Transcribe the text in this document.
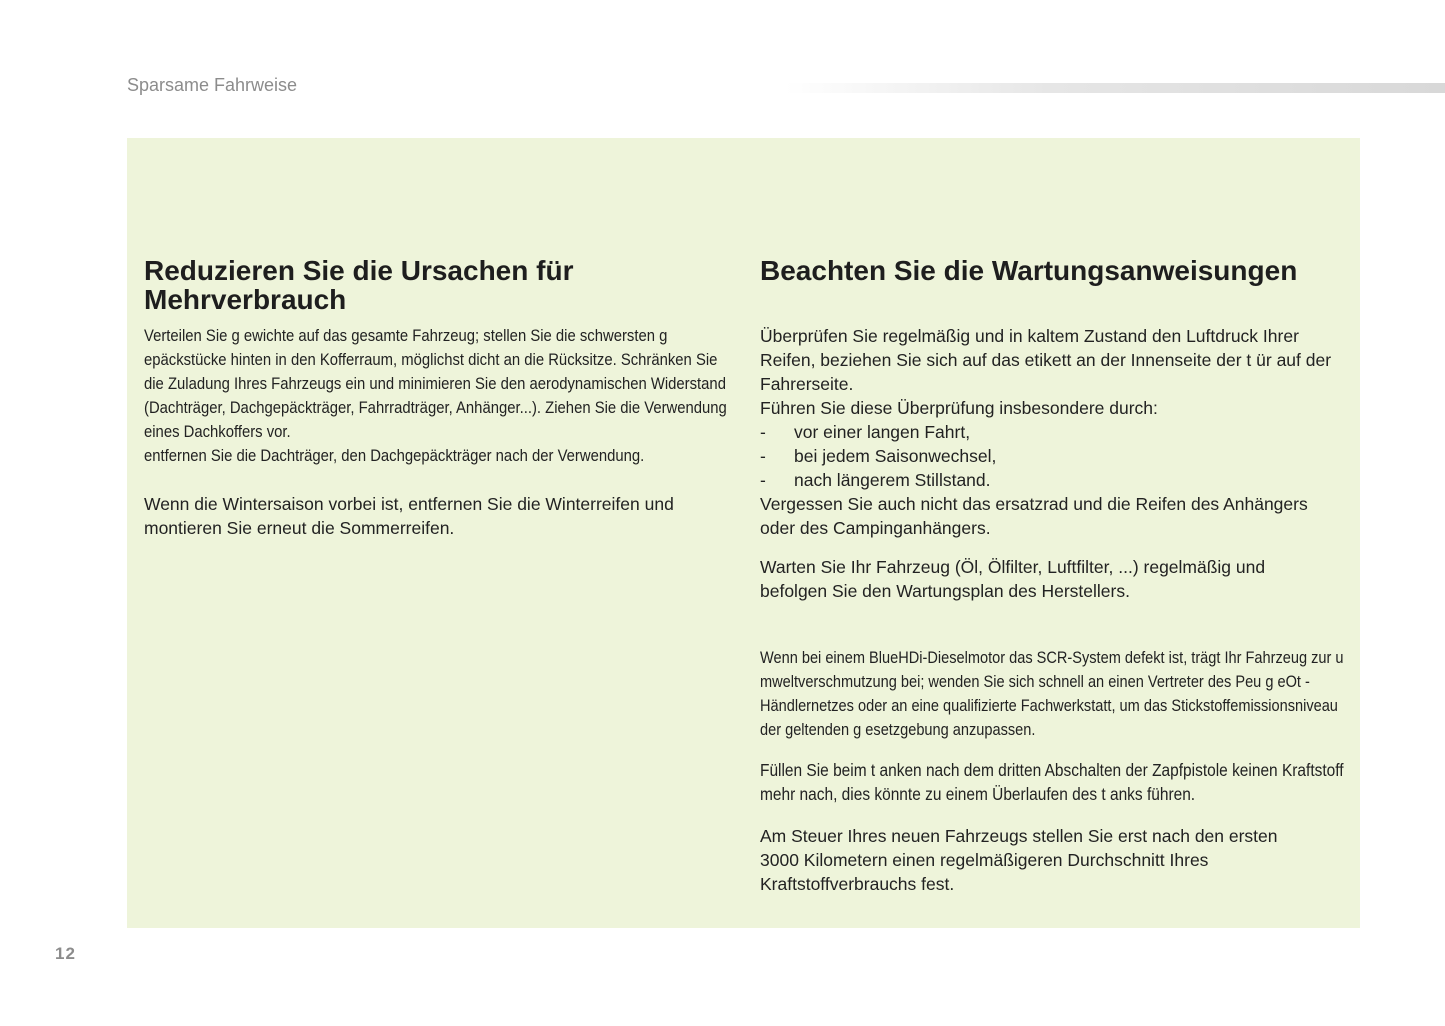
Sparsame Fahrweise
Reduzieren Sie die Ursachen für Mehrverbrauch

Verteilen Sie g ewichte auf das gesamte Fahrzeug; stellen Sie die schwersten g epäckstücke hinten in den Kofferraum, möglichst dicht an die Rücksitze. Schränken Sie die Zuladung Ihres Fahrzeugs ein und minimieren Sie den aerodynamischen Widerstand (Dachträger, Dachgepäckträger, Fahrradträger, Anhänger...). Ziehen Sie die Verwendung eines Dachkoffers vor.

entfernen Sie die Dachträger, den Dachgepäckträger nach der Verwendung.

Wenn die Wintersaison vorbei ist, entfernen Sie die Winterreifen und montieren Sie erneut die Sommerreifen.

Beachten Sie die Wartungsanweisungen

Überprüfen Sie regelmäßig und in kaltem Zustand den Luftdruck Ihrer Reifen, beziehen Sie sich auf das etikett an der Innenseite der t ür auf der Fahrerseite.

Führen Sie diese Überprüfung insbesondere durch:

- vor einer langen Fahrt,
- bei jedem Saisonwechsel,
- nach längerem Stillstand.

Vergessen Sie auch nicht das ersatzrad und die Reifen des Anhängers oder des Campinganhängers.

Warten Sie Ihr Fahrzeug (Öl, Ölfilter, Luftfilter, ...) regelmäßig und befolgen Sie den Wartungsplan des Herstellers.

Wenn bei einem BlueHDi-Dieselmotor das SCR-System defekt ist, trägt Ihr Fahrzeug zur u mweltverschmutzung bei; wenden Sie sich schnell an einen Vertreter des Peu g eOt -Händlernetzes oder an eine qualifizierte Fachwerkstatt, um das Stickstoffemissionsniveau der geltenden g esetzgebung anzupassen.

Füllen Sie beim t anken nach dem dritten Abschalten der Zapfpistole keinen Kraftstoff mehr nach, dies könnte zu einem Überlaufen des t anks führen.

Am Steuer Ihres neuen Fahrzeugs stellen Sie erst nach den ersten 3000 Kilometern einen regelmäßigeren Durchschnitt Ihres Kraftstoffverbrauchs fest.

12
